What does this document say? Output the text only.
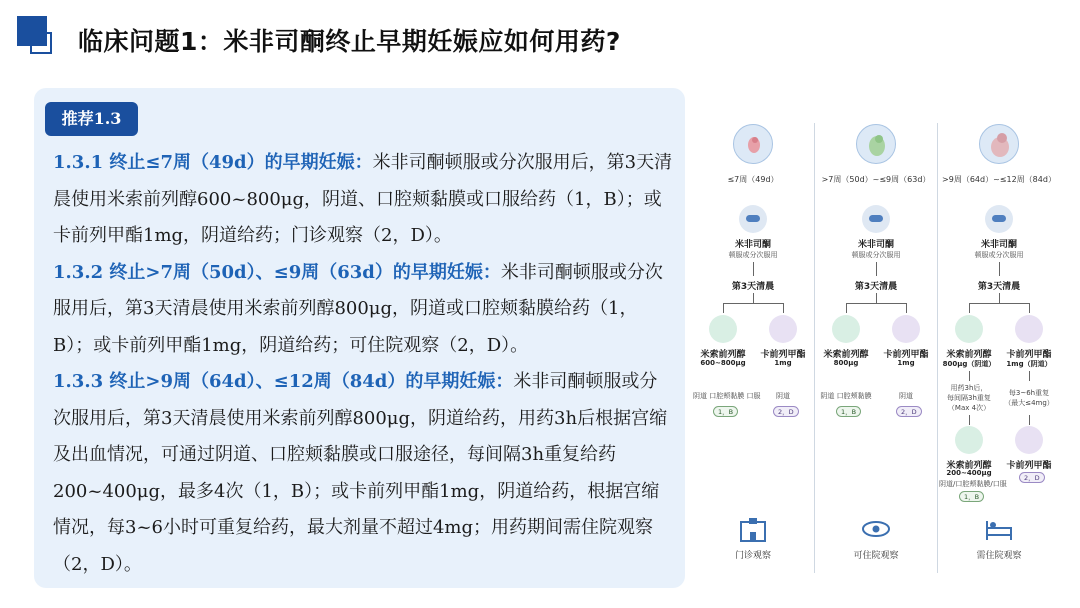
临床问题1：米非司酮终止早期妊娠应如何用药?
推荐1.3

1.3.1 终止≤7周（49d）的早期妊娠：米非司酮顿服或分次服用后，第3天清晨使用米索前列醇600~800μg，阴道、口腔颊黏膜或口服给药（1，B）；或卡前列甲酯1mg，阴道给药；门诊观察（2，D）。

1.3.2 终止>7周（50d）、≤9周（63d）的早期妊娠：米非司酮顿服或分次服用后，第3天清晨使用米索前列醇800μg，阴道或口腔颊黏膜给药（1，B）；或卡前列甲酯1mg，阴道给药；可住院观察（2，D）。

1.3.3 终止>9周（64d）、≤12周（84d）的早期妊娠：米非司酮顿服或分次服用后，第3天清晨使用米索前列醇800μg，阴道给药，用药3h后根据宫缩及出血情况，可通过阴道、口腔颊黏膜或口服途径，每间隔3h重复给药200~400μg，最多4次（1，B）；或卡前列甲酯1mg，阴道给药，根据宫缩情况，每3~6小时可重复给药，最大剂量不超过4mg；用药期间需住院观察（2，D）。

≤7周（49d）
米非司酮
顿服或分次服用
第3天清晨
米索前列醇
600~800μg
卡前列甲酯
1mg
阴道 口腔颊黏膜 口服	阴道
1，B	2，D
门诊观察
>7周（50d）~≤9周（63d）
米非司酮
顿服或分次服用
第3天清晨
米索前列醇
800μg
卡前列甲酯
1mg
阴道 口腔颊黏膜	阴道
1，B	2，D
可住院观察
>9周（64d）~≤12周（84d）
米非司酮
顿服或分次服用
第3天清晨
米索前列醇
800μg（阴道）
卡前列甲酯
1mg（阴道）
用药3h后，
每间隔3h重复
（Max 4次）
每3~6h重复
（最大≤4mg）
米索前列醇
200~400μg
阴道/口腔颊黏膜/口服
卡前列甲酯
1，B
2，D
需住院观察
